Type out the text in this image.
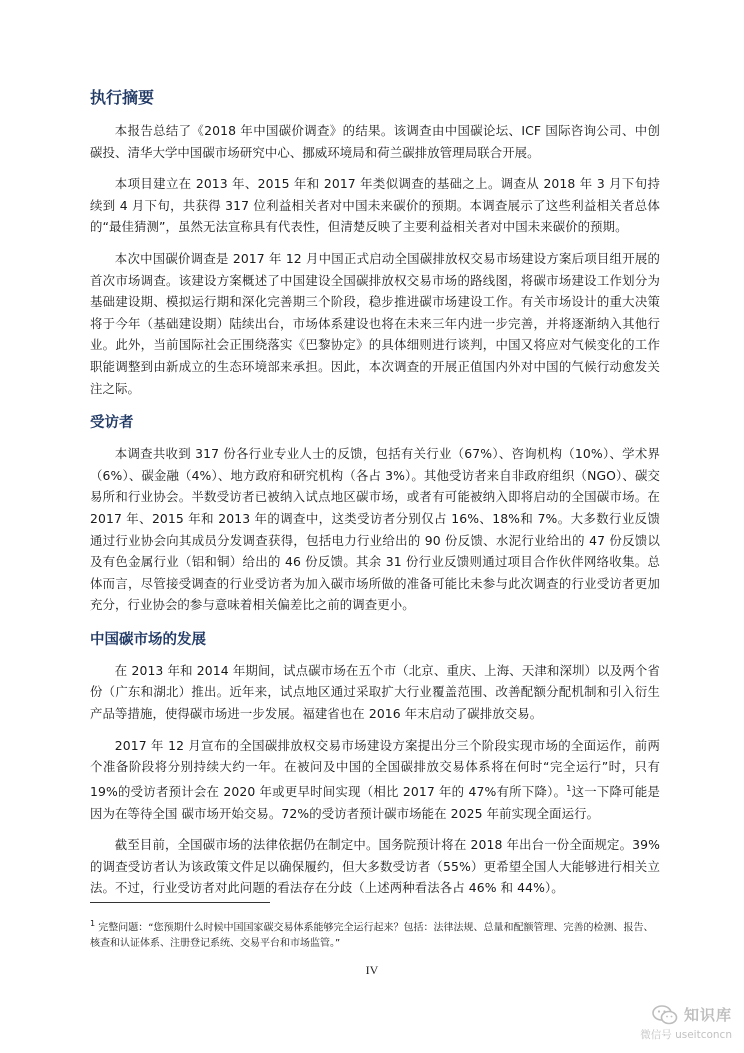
执行摘要

本报告总结了《2018 年中国碳价调查》的结果。该调查由中国碳论坛、ICF 国际咨询公司、中创碳投、清华大学中国碳市场研究中心、挪威环境局和荷兰碳排放管理局联合开展。

本项目建立在 2013 年、2015 年和 2017 年类似调查的基础之上。调查从 2018 年 3 月下旬持续到 4 月下旬，共获得 317 位利益相关者对中国未来碳价的预期。本调查展示了这些利益相关者总体的“最佳猜测”，虽然无法宣称具有代表性，但清楚反映了主要利益相关者对中国未来碳价的预期。

本次中国碳价调查是 2017 年 12 月中国正式启动全国碳排放权交易市场建设方案后项目组开展的首次市场调查。该建设方案概述了中国建设全国碳排放权交易市场的路线图，将碳市场建设工作划分为基础建设期、模拟运行期和深化完善期三个阶段，稳步推进碳市场建设工作。有关市场设计的重大决策将于今年（基础建设期）陆续出台，市场体系建设也将在未来三年内进一步完善，并将逐渐纳入其他行业。此外，当前国际社会正围绕落实《巴黎协定》的具体细则进行谈判，中国又将应对气候变化的工作职能调整到由新成立的生态环境部来承担。因此，本次调查的开展正值国内外对中国的气候行动愈发关注之际。

受访者

本调查共收到 317 份各行业专业人士的反馈，包括有关行业（67%）、咨询机构（10%）、学术界（6%）、碳金融（4%）、地方政府和研究机构（各占 3%）。其他受访者来自非政府组织（NGO）、碳交易所和行业协会。半数受访者已被纳入试点地区碳市场，或者有可能被纳入即将启动的全国碳市场。在 2017 年、2015 年和 2013 年的调查中，这类受访者分别仅占 16%、18%和 7%。大多数行业反馈通过行业协会向其成员分发调查获得，包括电力行业给出的 90 份反馈、水泥行业给出的 47 份反馈以及有色金属行业（铝和铜）给出的 46 份反馈。其余 31 份行业反馈则通过项目合作伙伴网络收集。总体而言，尽管接受调查的行业受访者为加入碳市场所做的准备可能比未参与此次调查的行业受访者更加充分，行业协会的参与意味着相关偏差比之前的调查更小。

中国碳市场的发展

在 2013 年和 2014 年期间，试点碳市场在五个市（北京、重庆、上海、天津和深圳）以及两个省份（广东和湖北）推出。近年来，试点地区通过采取扩大行业覆盖范围、改善配额分配机制和引入衍生产品等措施，使得碳市场进一步发展。福建省也在 2016 年末启动了碳排放交易。

2017 年 12 月宣布的全国碳排放权交易市场建设方案提出分三个阶段实现市场的全面运作，前两个准备阶段将分别持续大约一年。在被问及中国的全国碳排放交易体系将在何时“完全运行”时，只有 19%的受访者预计会在 2020 年或更早时间实现（相比 2017 年的 47%有所下降）。$^1$这一下降可能是因为在等待全国 碳市场开始交易。72%的受访者预计碳市场能在 2025 年前实现全面运行。

截至目前，全国碳市场的法律依据仍在制定中。国务院预计将在 2018 年出台一份全面规定。39%的调查受访者认为该政策文件足以确保履约，但大多数受访者（55%）更希望全国人大能够进行相关立法。不过，行业受访者对此问题的看法存在分歧（上述两种看法各占 46% 和 44%）。

$^1$ 完整问题：“您预期什么时候中国国家碳交易体系能够完全运行起来？包括：法律法规、总量和配额管理、完善的检测、报告、核查和认证体系、注册登记系统、交易平台和市场监管。”
IV
知识库
微信号 useitconcn
